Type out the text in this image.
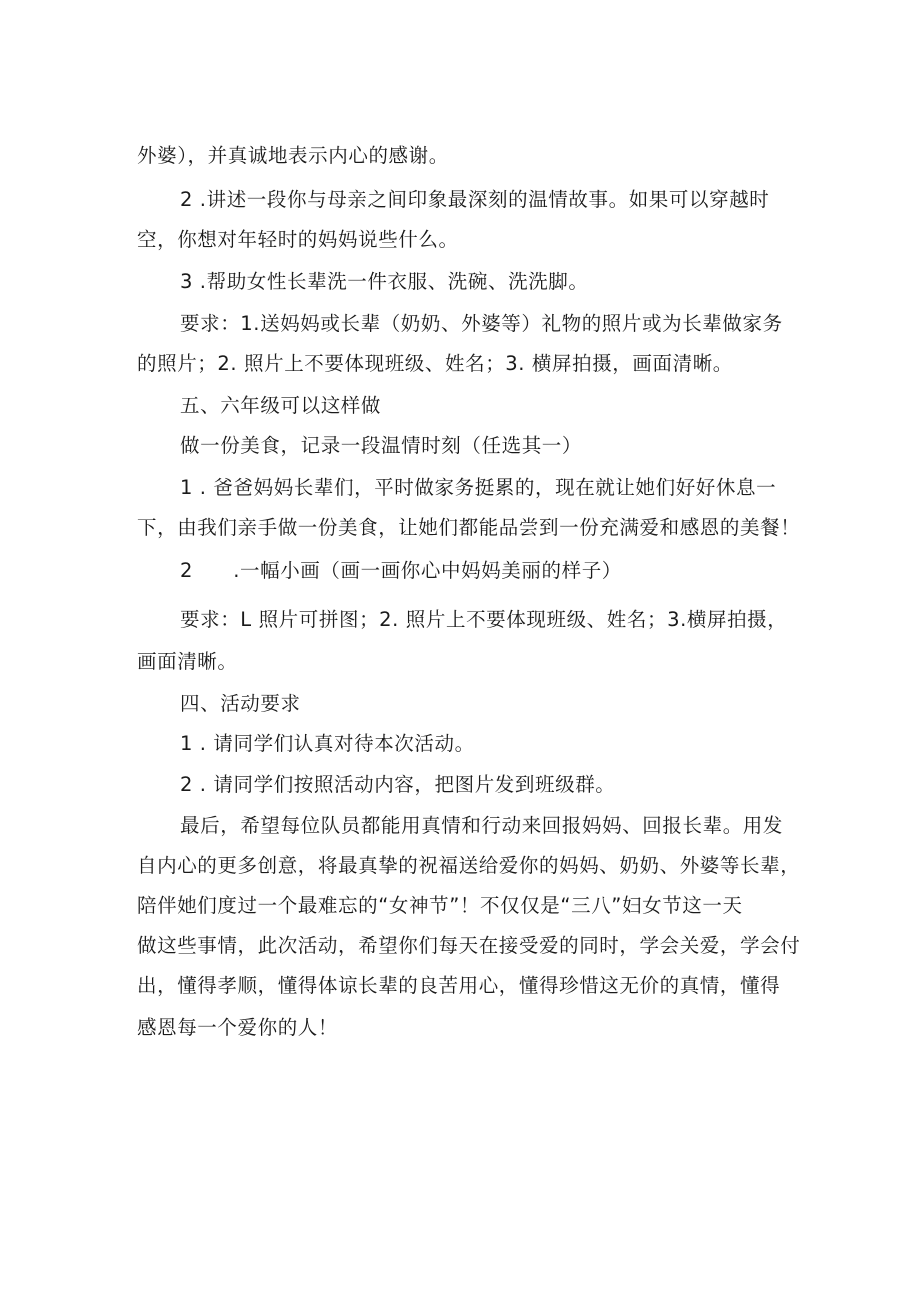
外婆），并真诚地表示内心的感谢。
2 .讲述一段你与母亲之间印象最深刻的温情故事。如果可以穿越时
空，你想对年轻时的妈妈说些什么。
3 .帮助女性长辈洗一件衣服、洗碗、洗洗脚。
要求：1.送妈妈或长辈（奶奶、外婆等）礼物的照片或为长辈做家务
的照片；2. 照片上不要体现班级、姓名；3. 横屏拍摄，画面清晰。
五、六年级可以这样做
做一份美食，记录一段温情时刻（任选其一）
1 . 爸爸妈妈长辈们，平时做家务挺累的，现在就让她们好好休息一
下，由我们亲手做一份美食，让她们都能品尝到一份充满爱和感恩的美餐！
2　　.一幅小画（画一画你心中妈妈美丽的样子）
要求：L 照片可拼图；2. 照片上不要体现班级、姓名；3.横屏拍摄，
画面清晰。
四、活动要求
1 . 请同学们认真对待本次活动。
2 . 请同学们按照活动内容，把图片发到班级群。
最后，希望每位队员都能用真情和行动来回报妈妈、回报长辈。用发
自内心的更多创意，将最真挚的祝福送给爱你的妈妈、奶奶、外婆等长辈，
陪伴她们度过一个最难忘的“女神节”！不仅仅是“三八”妇女节这一天
做这些事情，此次活动，希望你们每天在接受爱的同时，学会关爱，学会付
出，懂得孝顺，懂得体谅长辈的良苦用心，懂得珍惜这无价的真情，懂得
感恩每一个爱你的人！
